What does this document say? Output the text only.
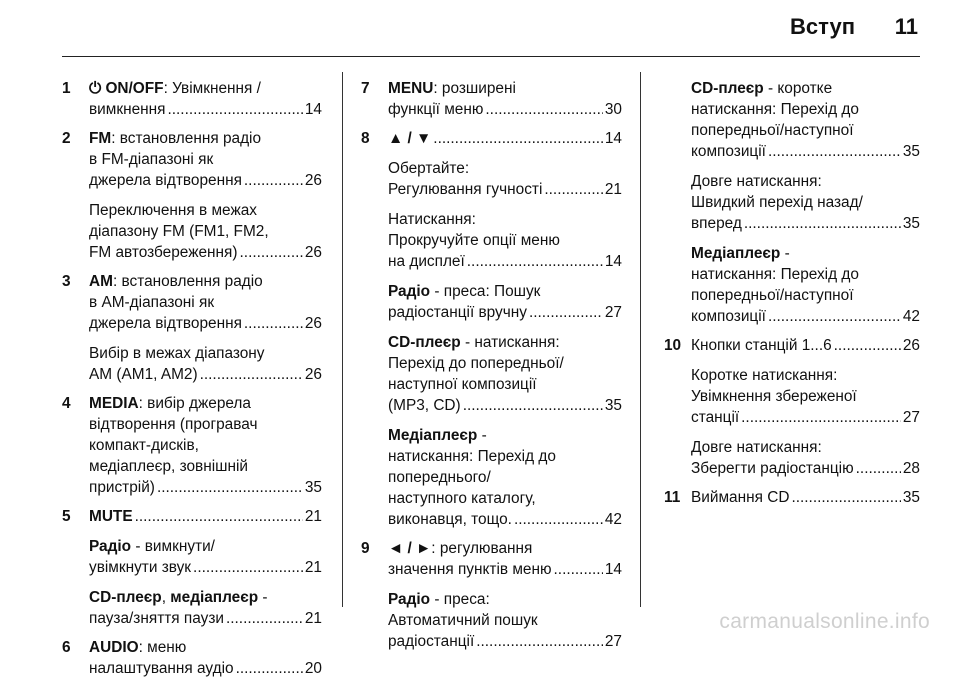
Вступ 11
1 ⏻ ON/OFF: Увімкнення /
вимкнення .....	14
2 FM: встановлення радіо
в FM-діапазоні як
джерела відтворення .....	26
Переключення в межах
діапазону FM (FM1, FM2,
FM автозбереження) .....	26
3 AM: встановлення радіо
в AM-діапазоні як
джерела відтворення .....	26
Вибір в межах діапазону
AM (AM1, AM2) .....	26
4 MEDIA: вибір джерела
відтворення (програвач
компакт-дисків,
медіаплеєр, зовнішній
пристрій) .....	35
5 MUTE .....	21
Радіо - вимкнути/
увімкнути звук .....	21
CD-плеєр, медіаплеєр -
пауза/зняття паузи .....	21
6 AUDIO: меню
налаштування аудіо .....	20
7 MENU: розширені
функції меню .....	30
8 ▲ / ▼ .....	14
Обертайте:
Регулювання гучності .....	21
Натискання:
Прокручуйте опції меню
на дисплеї .....	14
Радіо - преса: Пошук
радіостанції вручну .....	27
CD-плеєр - натискання:
Перехід до попередньої/
наступної композиції
(MP3, CD) .....	35
Медіаплеєр -
натискання: Перехід до
попереднього/
наступного каталогу,
виконавця, тощо. .....	42
9 ◄ / ►: регулювання
значення пунктів меню .....	14
Радіо - преса:
Автоматичний пошук
радіостанції .....	27
CD-плеєр - коротке
натискання: Перехід до
попередньої/наступної
композиції .....	35
Довге натискання:
Швидкий перехід назад/
вперед .....	35
Медіаплеєр -
натискання: Перехід до
попередньої/наступної
композиції .....	42
10 Кнопки станцій 1...6 .....	26
Коротке натискання:
Увімкнення збереженої
станції .....	27
Довге натискання:
Зберегти радіостанцію .....	28
11 Виймання CD .....	35
carmanualsonline.info
